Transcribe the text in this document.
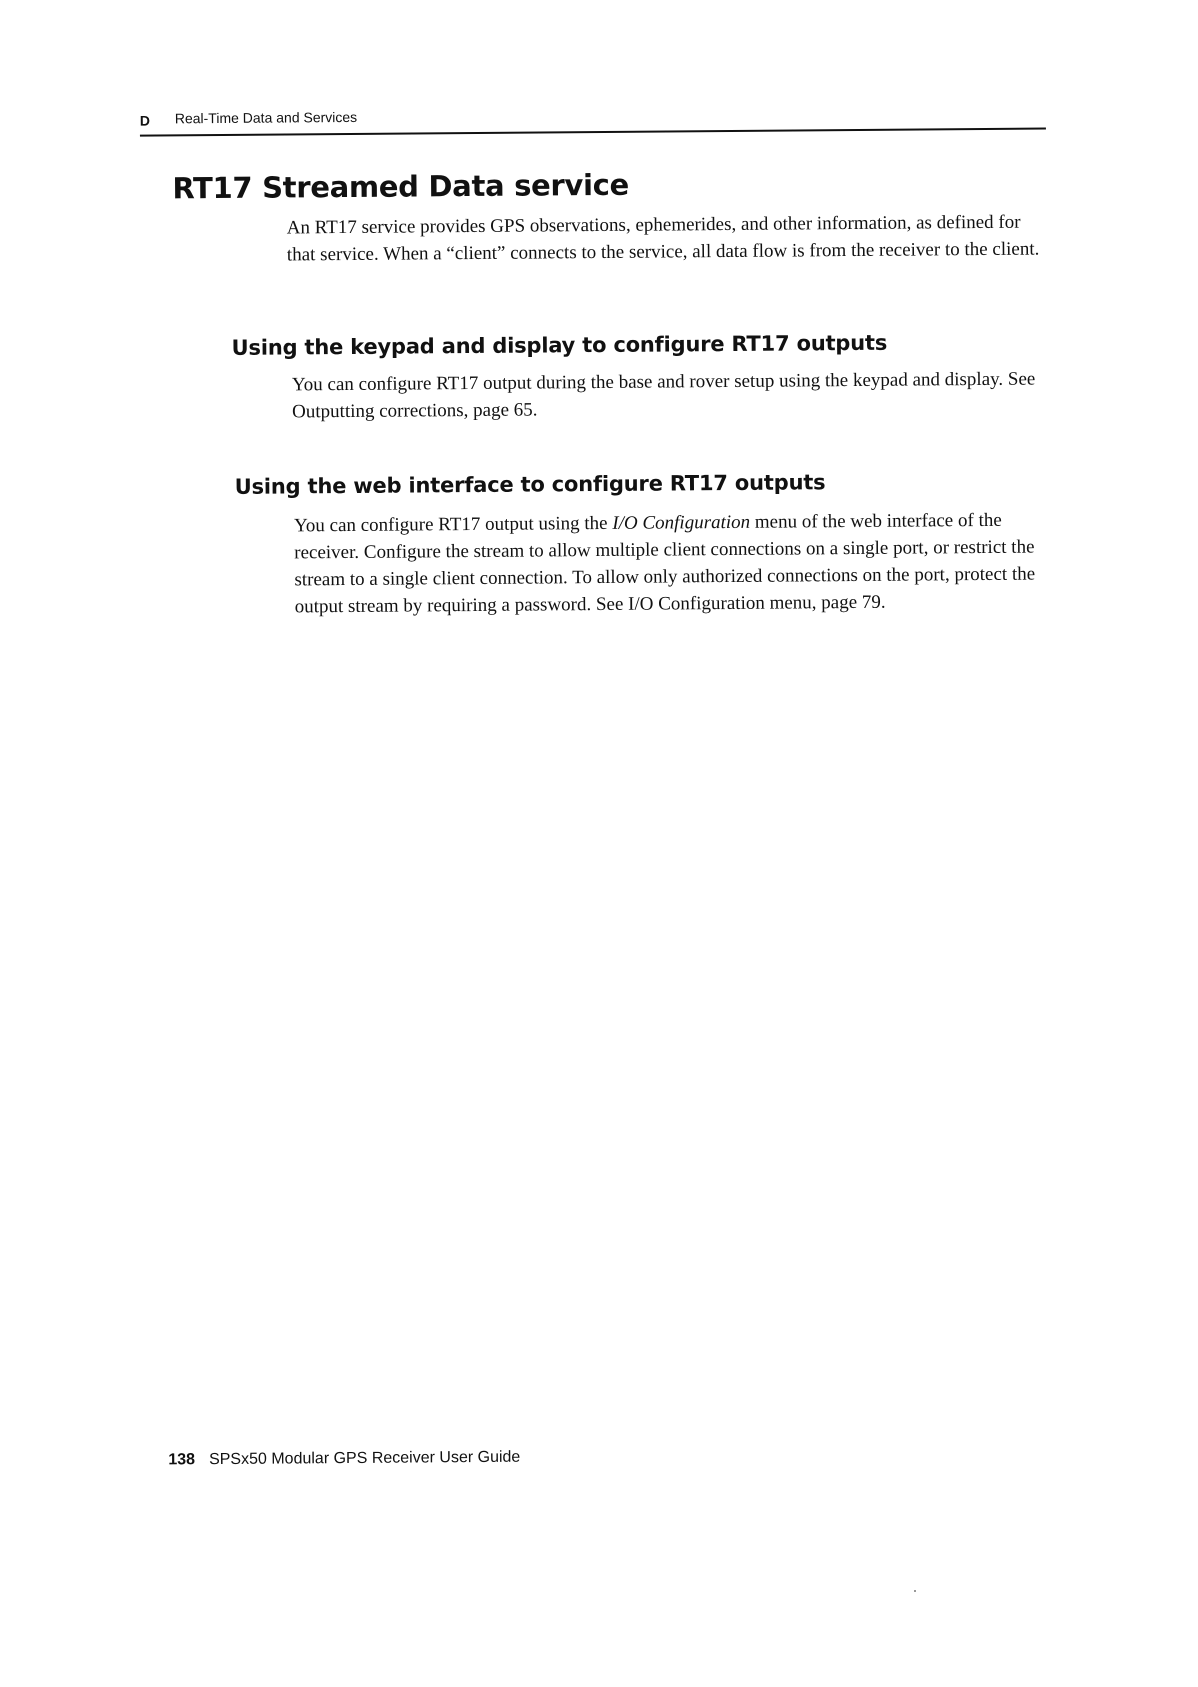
D Real-Time Data and Services
RT17 Streamed Data service

An RT17 service provides GPS observations, ephemerides, and other information, as defined for that service. When a “client” connects to the service, all data flow is from the receiver to the client.

Using the keypad and display to configure RT17 outputs

You can configure RT17 output during the base and rover setup using the keypad and display. See Outputting corrections, page 65.

Using the web interface to configure RT17 outputs

You can configure RT17 output using the I/O Configuration menu of the web interface of the receiver. Configure the stream to allow multiple client connections on a single port, or restrict the stream to a single client connection. To allow only authorized connections on the port, protect the output stream by requiring a password. See I/O Configuration menu, page 79.

138 SPSx50 Modular GPS Receiver User Guide
